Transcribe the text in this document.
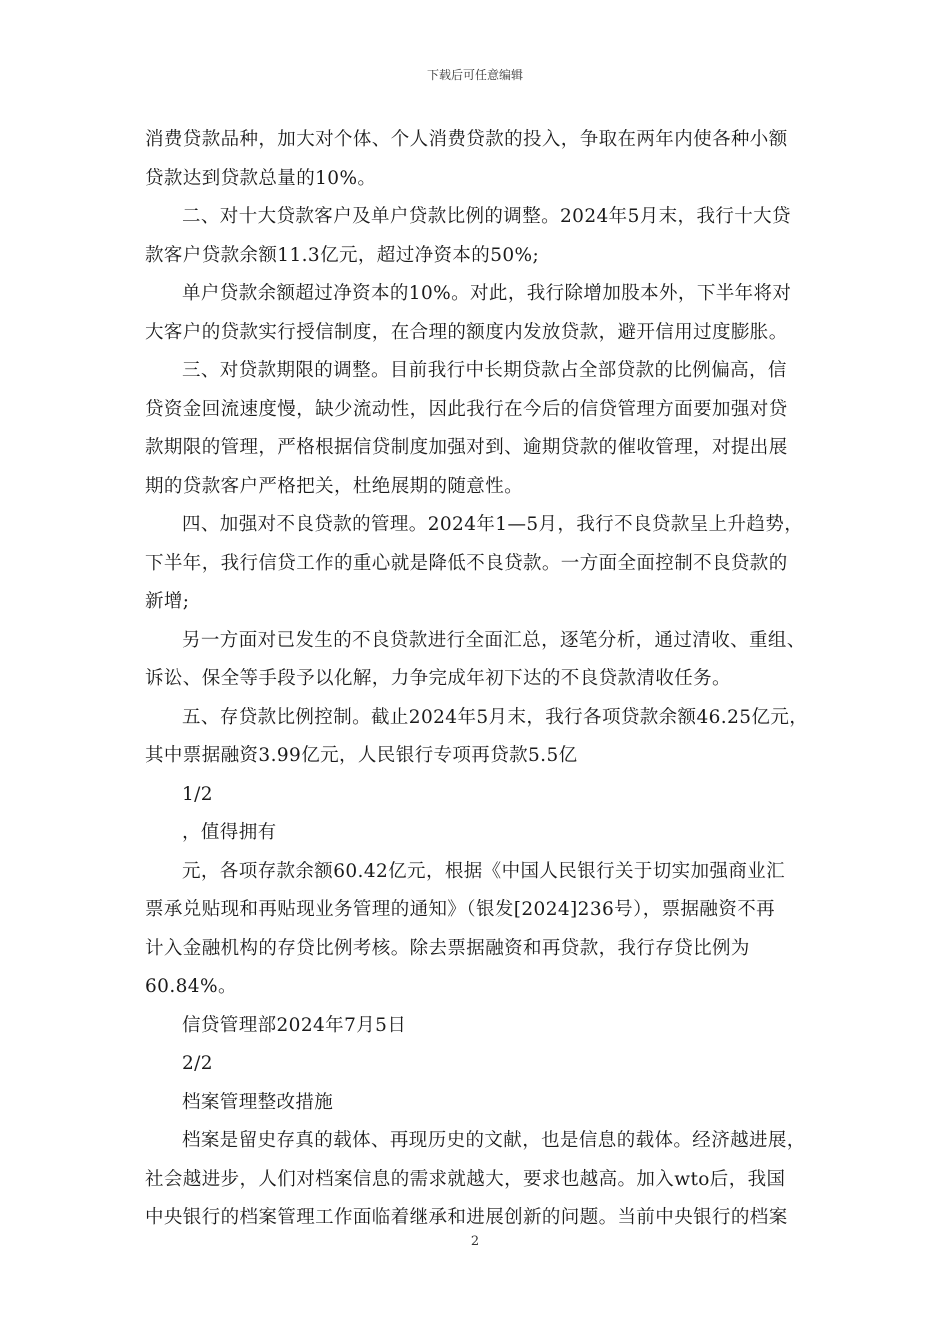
下载后可任意编辑
消费贷款品种，加大对个体、个人消费贷款的投入，争取在两年内使各种小额
贷款达到贷款总量的10%。
二、对十大贷款客户及单户贷款比例的调整。2024年5月末，我行十大贷
款客户贷款余额11.3亿元，超过净资本的50%;
单户贷款余额超过净资本的10%。对此，我行除增加股本外，下半年将对
大客户的贷款实行授信制度，在合理的额度内发放贷款，避开信用过度膨胀。
三、对贷款期限的调整。目前我行中长期贷款占全部贷款的比例偏高，信
贷资金回流速度慢，缺少流动性，因此我行在今后的信贷管理方面要加强对贷
款期限的管理，严格根据信贷制度加强对到、逾期贷款的催收管理，对提出展
期的贷款客户严格把关，杜绝展期的随意性。
四、加强对不良贷款的管理。2024年1—5月，我行不良贷款呈上升趋势，
下半年，我行信贷工作的重心就是降低不良贷款。一方面全面控制不良贷款的
新增;
另一方面对已发生的不良贷款进行全面汇总，逐笔分析，通过清收、重组、
诉讼、保全等手段予以化解，力争完成年初下达的不良贷款清收任务。
五、存贷款比例控制。截止2024年5月末，我行各项贷款余额46.25亿元，
其中票据融资3.99亿元，人民银行专项再贷款5.5亿
1/2
，值得拥有
元，各项存款余额60.42亿元，根据《中国人民银行关于切实加强商业汇
票承兑贴现和再贴现业务管理的通知》（银发[2024]236号），票据融资不再
计入金融机构的存贷比例考核。除去票据融资和再贷款，我行存贷比例为
60.84%。
信贷管理部2024年7月5日
2/2
档案管理整改措施
档案是留史存真的载体、再现历史的文献，也是信息的载体。经济越进展，
社会越进步，人们对档案信息的需求就越大，要求也越高。加入wto后，我国
中央银行的档案管理工作面临着继承和进展创新的问题。当前中央银行的档案
2
